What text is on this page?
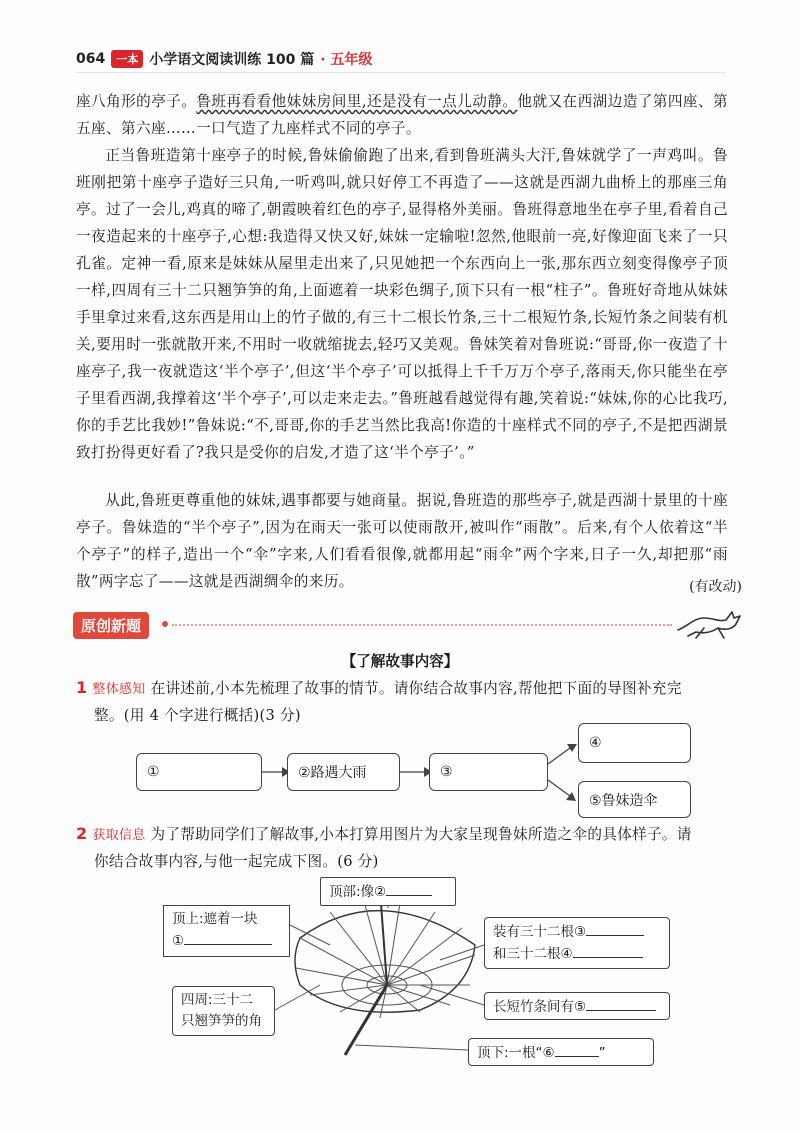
064	一本 小学语文阅读训练 100 篇 · 五年级
座八角形的亭子。鲁班再看看他妹妹房间里,还是没有一点儿动静。他就又在西湖边造了第四座、第五座、第六座……一口气造了九座样式不同的亭子。
正当鲁班造第十座亭子的时候,鲁妹偷偷跑了出来,看到鲁班满头大汗,鲁妹就学了一声鸡叫。鲁班刚把第十座亭子造好三只角,一听鸡叫,就只好停工不再造了——这就是西湖九曲桥上的那座三角亭。过了一会儿,鸡真的啼了,朝霞映着红色的亭子,显得格外美丽。鲁班得意地坐在亭子里,看着自己一夜造起来的十座亭子,心想:我造得又快又好,妹妹一定输啦!忽然,他眼前一亮,好像迎面飞来了一只孔雀。定神一看,原来是妹妹从屋里走出来了,只见她把一个东西向上一张,那东西立刻变得像亭子顶一样,四周有三十二只翘笋笋的角,上面遮着一块彩色绸子,顶下只有一根“柱子”。鲁班好奇地从妹妹手里拿过来看,这东西是用山上的竹子做的,有三十二根长竹条,三十二根短竹条,长短竹条之间装有机关,要用时一张就散开来,不用时一收就缩拢去,轻巧又美观。鲁妹笑着对鲁班说:“哥哥,你一夜造了十座亭子,我一夜就造这‘半个亭子’,但这‘半个亭子’可以抵得上千千万万个亭子,落雨天,你只能坐在亭子里看西湖,我撑着这‘半个亭子’,可以走来走去。”鲁班越看越觉得有趣,笑着说:“妹妹,你的心比我巧,你的手艺比我妙!”鲁妹说:“不,哥哥,你的手艺当然比我高!你造的十座样式不同的亭子,不是把西湖景致打扮得更好看了?我只是受你的启发,才造了这‘半个亭子’。”
从此,鲁班更尊重他的妹妹,遇事都要与她商量。据说,鲁班造的那些亭子,就是西湖十景里的十座亭子。鲁妹造的“半个亭子”,因为在雨天一张可以使雨散开,被叫作“雨散”。后来,有个人依着这“半个亭子”的样子,造出一个“伞”字来,人们看看很像,就都用起“雨伞”两个字来,日子一久,却把那“雨散”两字忘了——这就是西湖绸伞的来历。	(有改动)
原创新题
【了解故事内容】
1 整体感知 在讲述前,小本先梳理了故事的情节。请你结合故事内容,帮他把下面的导图补充完
整。(用 4 个字进行概括)(3 分)
①	②路遇大雨	③
④
⑤鲁妹造伞
2 获取信息 为了帮助同学们了解故事,小本打算用图片为大家呈现鲁妹所造之伞的具体样子。请
你结合故事内容,与他一起完成下图。(6 分)
顶部:像②
顶上:遮着一块
①
装有三十二根③
和三十二根④
四周:三十二
只翘笋笋的角
长短竹条间有⑤
顶下:一根“⑥	”
